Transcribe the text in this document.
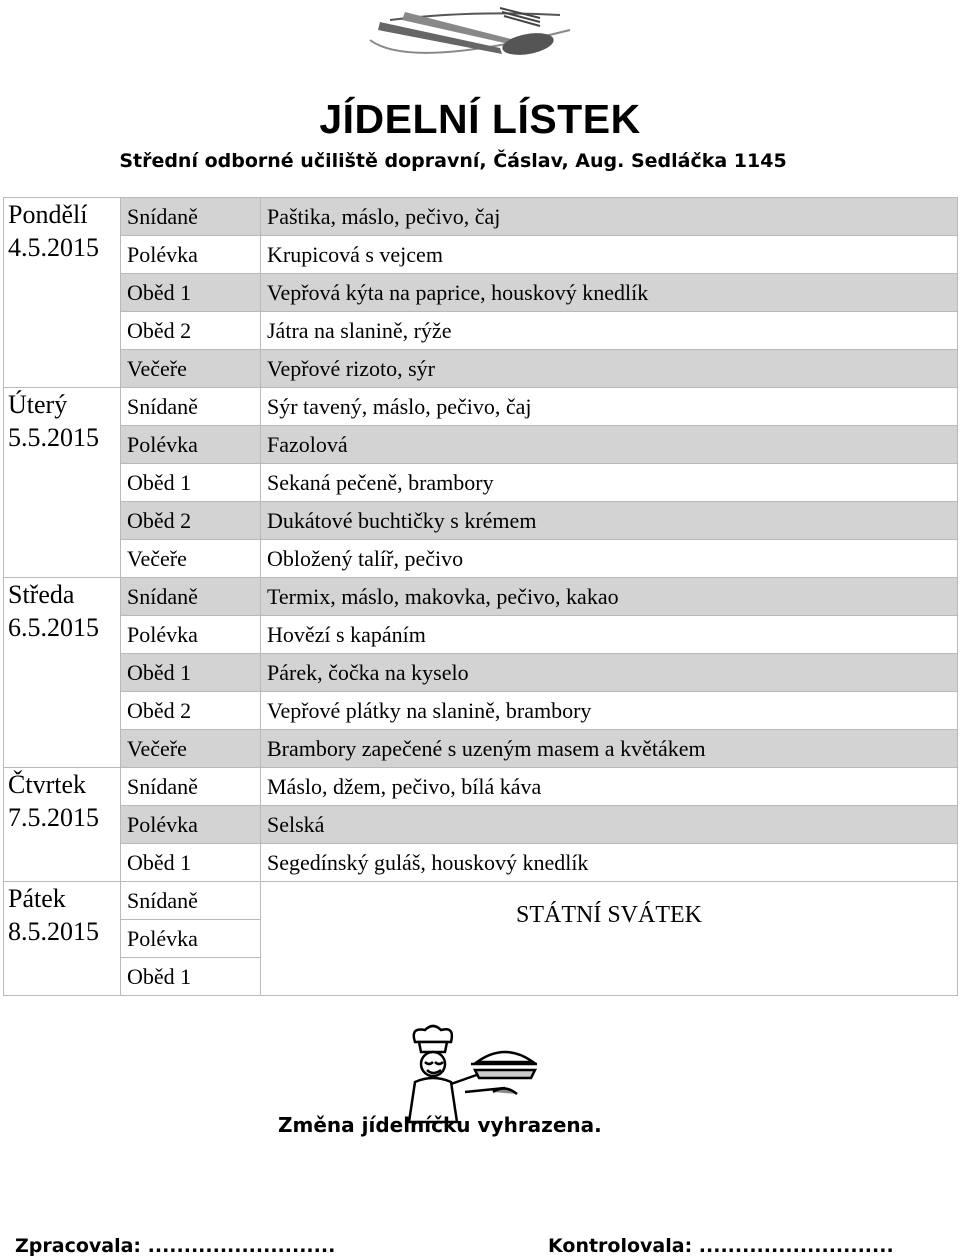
JÍDELNÍ LÍSTEK
Střední odborné učiliště dopravní, Čáslav, Aug. Sedláčka 1145
Pondělí
4.5.2015	Snídaně	Paštika, máslo, pečivo, čaj
	Polévka	Krupicová s vejcem
	Oběd 1	Vepřová kýta na paprice, houskový knedlík
	Oběd 2	Játra na slanině, rýže
	Večeře	Vepřové rizoto, sýr

Úterý
5.5.2015	Snídaně	Sýr tavený, máslo, pečivo, čaj
	Polévka	Fazolová
	Oběd 1	Sekaná pečeně, brambory
	Oběd 2	Dukátové buchtičky s krémem
	Večeře	Obložený talíř, pečivo

Středa
6.5.2015	Snídaně	Termix, máslo, makovka, pečivo, kakao
	Polévka	Hovězí s kapáním
	Oběd 1	Párek, čočka na kyselo
	Oběd 2	Vepřové plátky na slanině, brambory
	Večeře	Brambory zapečené s uzeným masem a květákem

Čtvrtek
7.5.2015	Snídaně	Máslo, džem, pečivo, bílá káva
	Polévka	Selská
	Oběd 1	Segedínský guláš, houskový knedlík

Pátek
8.5.2015	Snídaně	STÁTNÍ SVÁTEK
	Polévka	
	Oběd 1	
Změna jídelníčku vyhrazena.
Zpracovala: ..........................	Kontrolovala: ...........................
